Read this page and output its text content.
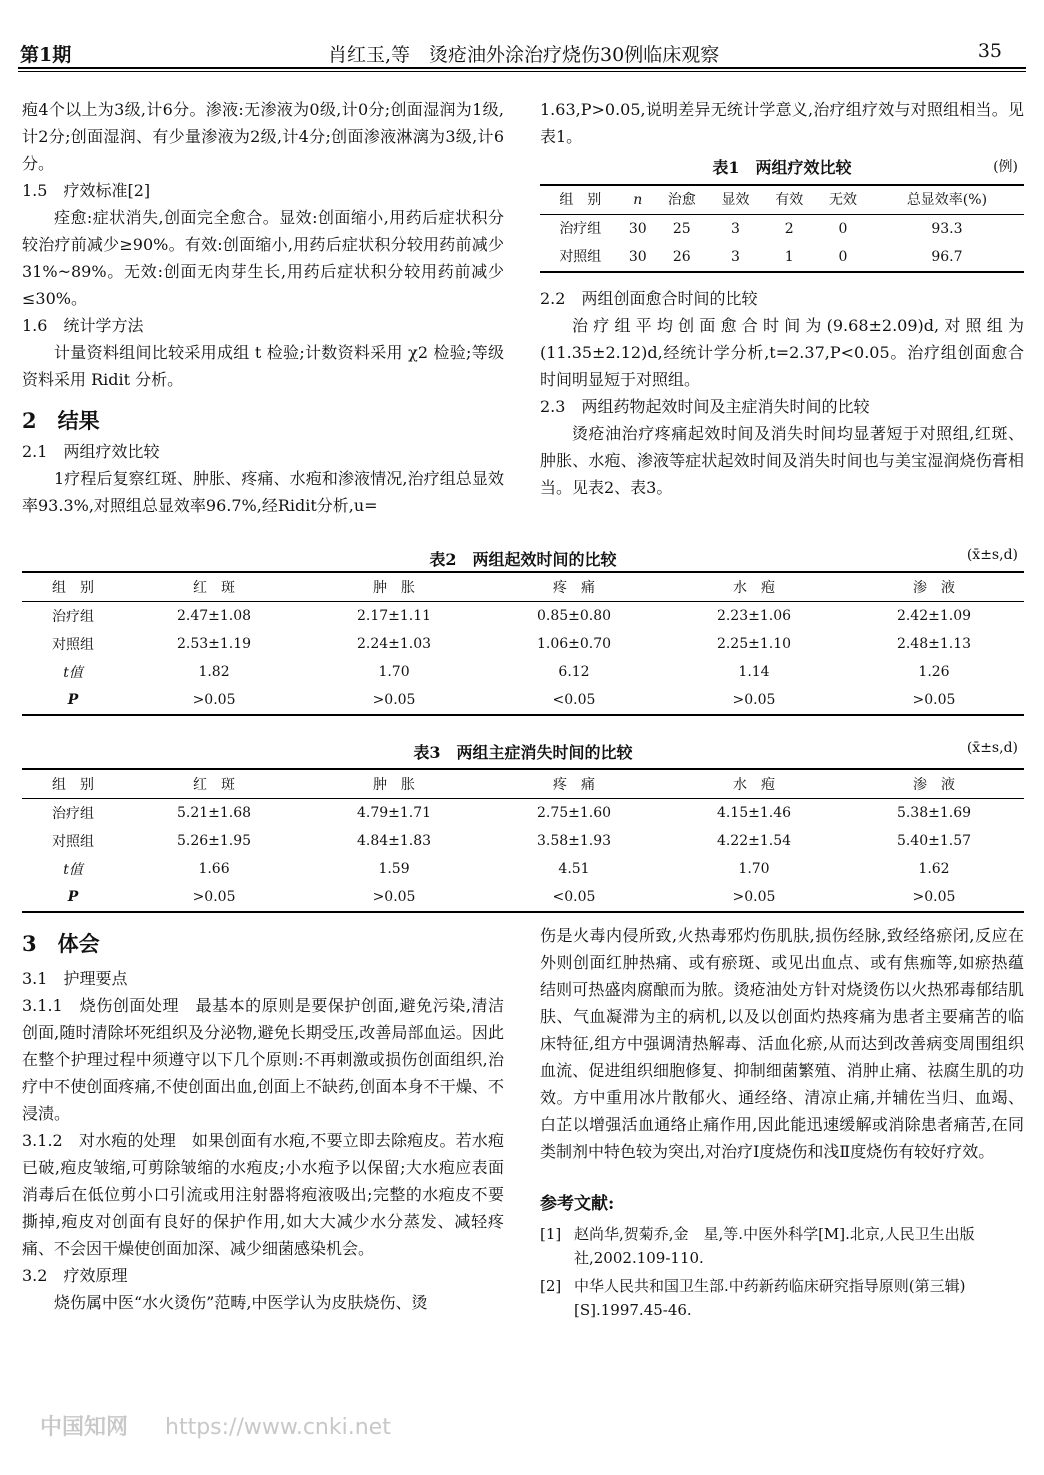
第1期	肖红玉,等　烫疮油外涂治疗烧伤30例临床观察	35

疱4个以上为3级,计6分。渗液:无渗液为0级,计0分;创面湿润为1级,计2分;创面湿润、有少量渗液为2级,计4分;创面渗液淋漓为3级,计6分。

1.5　疗效标准[2]

痊愈:症状消失,创面完全愈合。显效:创面缩小,用药后症状积分较治疗前减少≥90%。有效:创面缩小,用药后症状积分较用药前减少31%~89%。无效:创面无肉芽生长,用药后症状积分较用药前减少≤30%。

1.6　统计学方法

计量资料组间比较采用成组 t 检验;计数资料采用 χ2 检验;等级资料采用 Ridit 分析。

2　结果

2.1　两组疗效比较

1疗程后复察红斑、肿胀、疼痛、水疱和渗液情况,治疗组总显效率93.3%,对照组总显效率96.7%,经Ridit分析,u=

1.63,P>0.05,说明差异无统计学意义,治疗组疗效与对照组相当。见表1。

表1　两组疗效比较	(例)
组　别	n	治愈	显效	有效	无效	总显效率(%)
治疗组	30	25	3	2	0	93.3
对照组	30	26	3	1	0	96.7

2.2　两组创面愈合时间的比较

治疗组平均创面愈合时间为(9.68±2.09)d,对照组为(11.35±2.12)d,经统计学分析,t=2.37,P<0.05。治疗组创面愈合时间明显短于对照组。

2.3　两组药物起效时间及主症消失时间的比较

烫疮油治疗疼痛起效时间及消失时间均显著短于对照组,红斑、肿胀、水疱、渗液等症状起效时间及消失时间也与美宝湿润烧伤膏相当。见表2、表3。

表2　两组起效时间的比较	(x̄±s,d)
组　别	红　斑	肿　胀	疼　痛	水　疱	渗　液
治疗组	2.47±1.08	2.17±1.11	0.85±0.80	2.23±1.06	2.42±1.09
对照组	2.53±1.19	2.24±1.03	1.06±0.70	2.25±1.10	2.48±1.13
t值	1.82	1.70	6.12	1.14	1.26
P	>0.05	>0.05	<0.05	>0.05	>0.05
表3　两组主症消失时间的比较	(x̄±s,d)
组　别	红　斑	肿　胀	疼　痛	水　疱	渗　液
治疗组	5.21±1.68	4.79±1.71	2.75±1.60	4.15±1.46	5.38±1.69
对照组	5.26±1.95	4.84±1.83	3.58±1.93	4.22±1.54	5.40±1.57
t值	1.66	1.59	4.51	1.70	1.62
P	>0.05	>0.05	<0.05	>0.05	>0.05

3　体会

3.1　护理要点

3.1.1　烧伤创面处理　最基本的原则是要保护创面,避免污染,清洁创面,随时清除坏死组织及分泌物,避免长期受压,改善局部血运。因此在整个护理过程中须遵守以下几个原则:不再刺激或损伤创面组织,治疗中不使创面疼痛,不使创面出血,创面上不缺药,创面本身不干燥、不浸渍。

3.1.2　对水疱的处理　如果创面有水疱,不要立即去除疱皮。若水疱已破,疱皮皱缩,可剪除皱缩的水疱皮;小水疱予以保留;大水疱应表面消毒后在低位剪小口引流或用注射器将疱液吸出;完整的水疱皮不要撕掉,疱皮对创面有良好的保护作用,如大大减少水分蒸发、减轻疼痛、不会因干燥使创面加深、减少细菌感染机会。

3.2　疗效原理

烧伤属中医“水火烫伤”范畴,中医学认为皮肤烧伤、烫

伤是火毒内侵所致,火热毒邪灼伤肌肤,损伤经脉,致经络瘀闭,反应在外则创面红肿热痛、或有瘀斑、或见出血点、或有焦痂等,如瘀热蕴结则可热盛肉腐酿而为脓。烫疮油处方针对烧烫伤以火热邪毒郁结肌肤、气血凝滞为主的病机,以及以创面灼热疼痛为患者主要痛苦的临床特征,组方中强调清热解毒、活血化瘀,从而达到改善病变周围组织血流、促进组织细胞修复、抑制细菌繁殖、消肿止痛、祛腐生肌的功效。方中重用冰片散郁火、通经络、清凉止痛,并辅佐当归、血竭、白芷以增强活血通络止痛作用,因此能迅速缓解或消除患者痛苦,在同类制剂中特色较为突出,对治疗Ⅰ度烧伤和浅Ⅱ度烧伤有较好疗效。

参考文献:

[1] 赵尚华,贺菊乔,金　星,等.中医外科学[M].北京,人民卫生出版社,2002.109-110.
[2] 中华人民共和国卫生部.中药新药临床研究指导原则(第三辑)[S].1997.45-46.
中国知网 https://www.cnki.net
